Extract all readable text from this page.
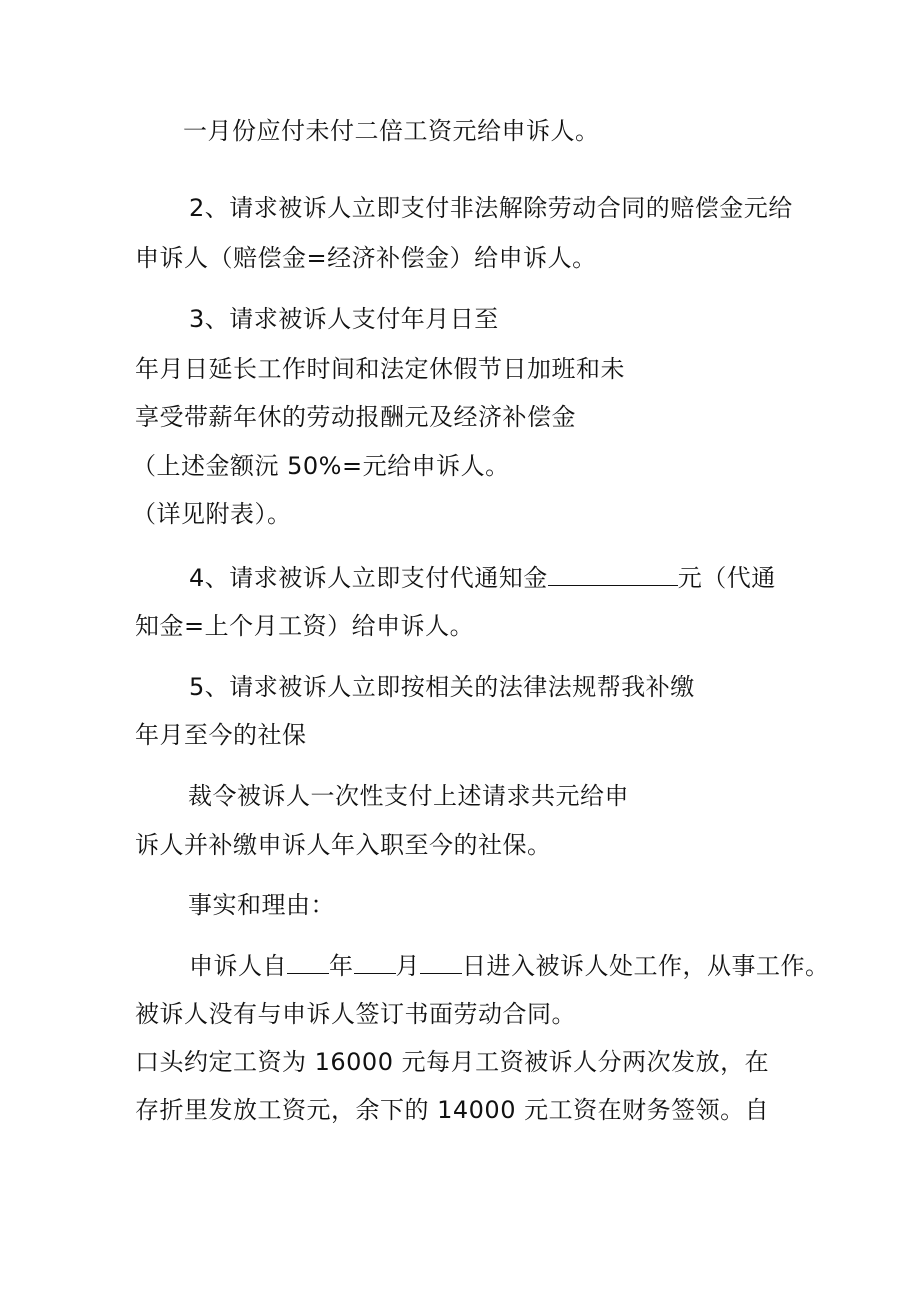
一月份应付未付二倍工资元给申诉人。
2、请求被诉人立即支付非法解除劳动合同的赔偿金元给
申诉人（赔偿金=经济补偿金）给申诉人。
3、请求被诉人支付年月日至
年月日延长工作时间和法定休假节日加班和未
享受带薪年休的劳动报酬元及经济补偿金
（上述金额沅 50%=元给申诉人。
（详见附表）。
4、请求被诉人立即支付代通知金	元（代通
知金=上个月工资）给申诉人。
5、请求被诉人立即按相关的法律法规帮我补缴
年月至今的社保
裁令被诉人一次性支付上述请求共元给申
诉人并补缴申诉人年入职至今的社保。
事实和理由：
申诉人自 年 月 日进入被诉人处工作，从事工作。
被诉人没有与申诉人签订书面劳动合同。
口头约定工资为 16000 元每月工资被诉人分两次发放，在
存折里发放工资元，余下的 14000 元工资在财务签领。自
